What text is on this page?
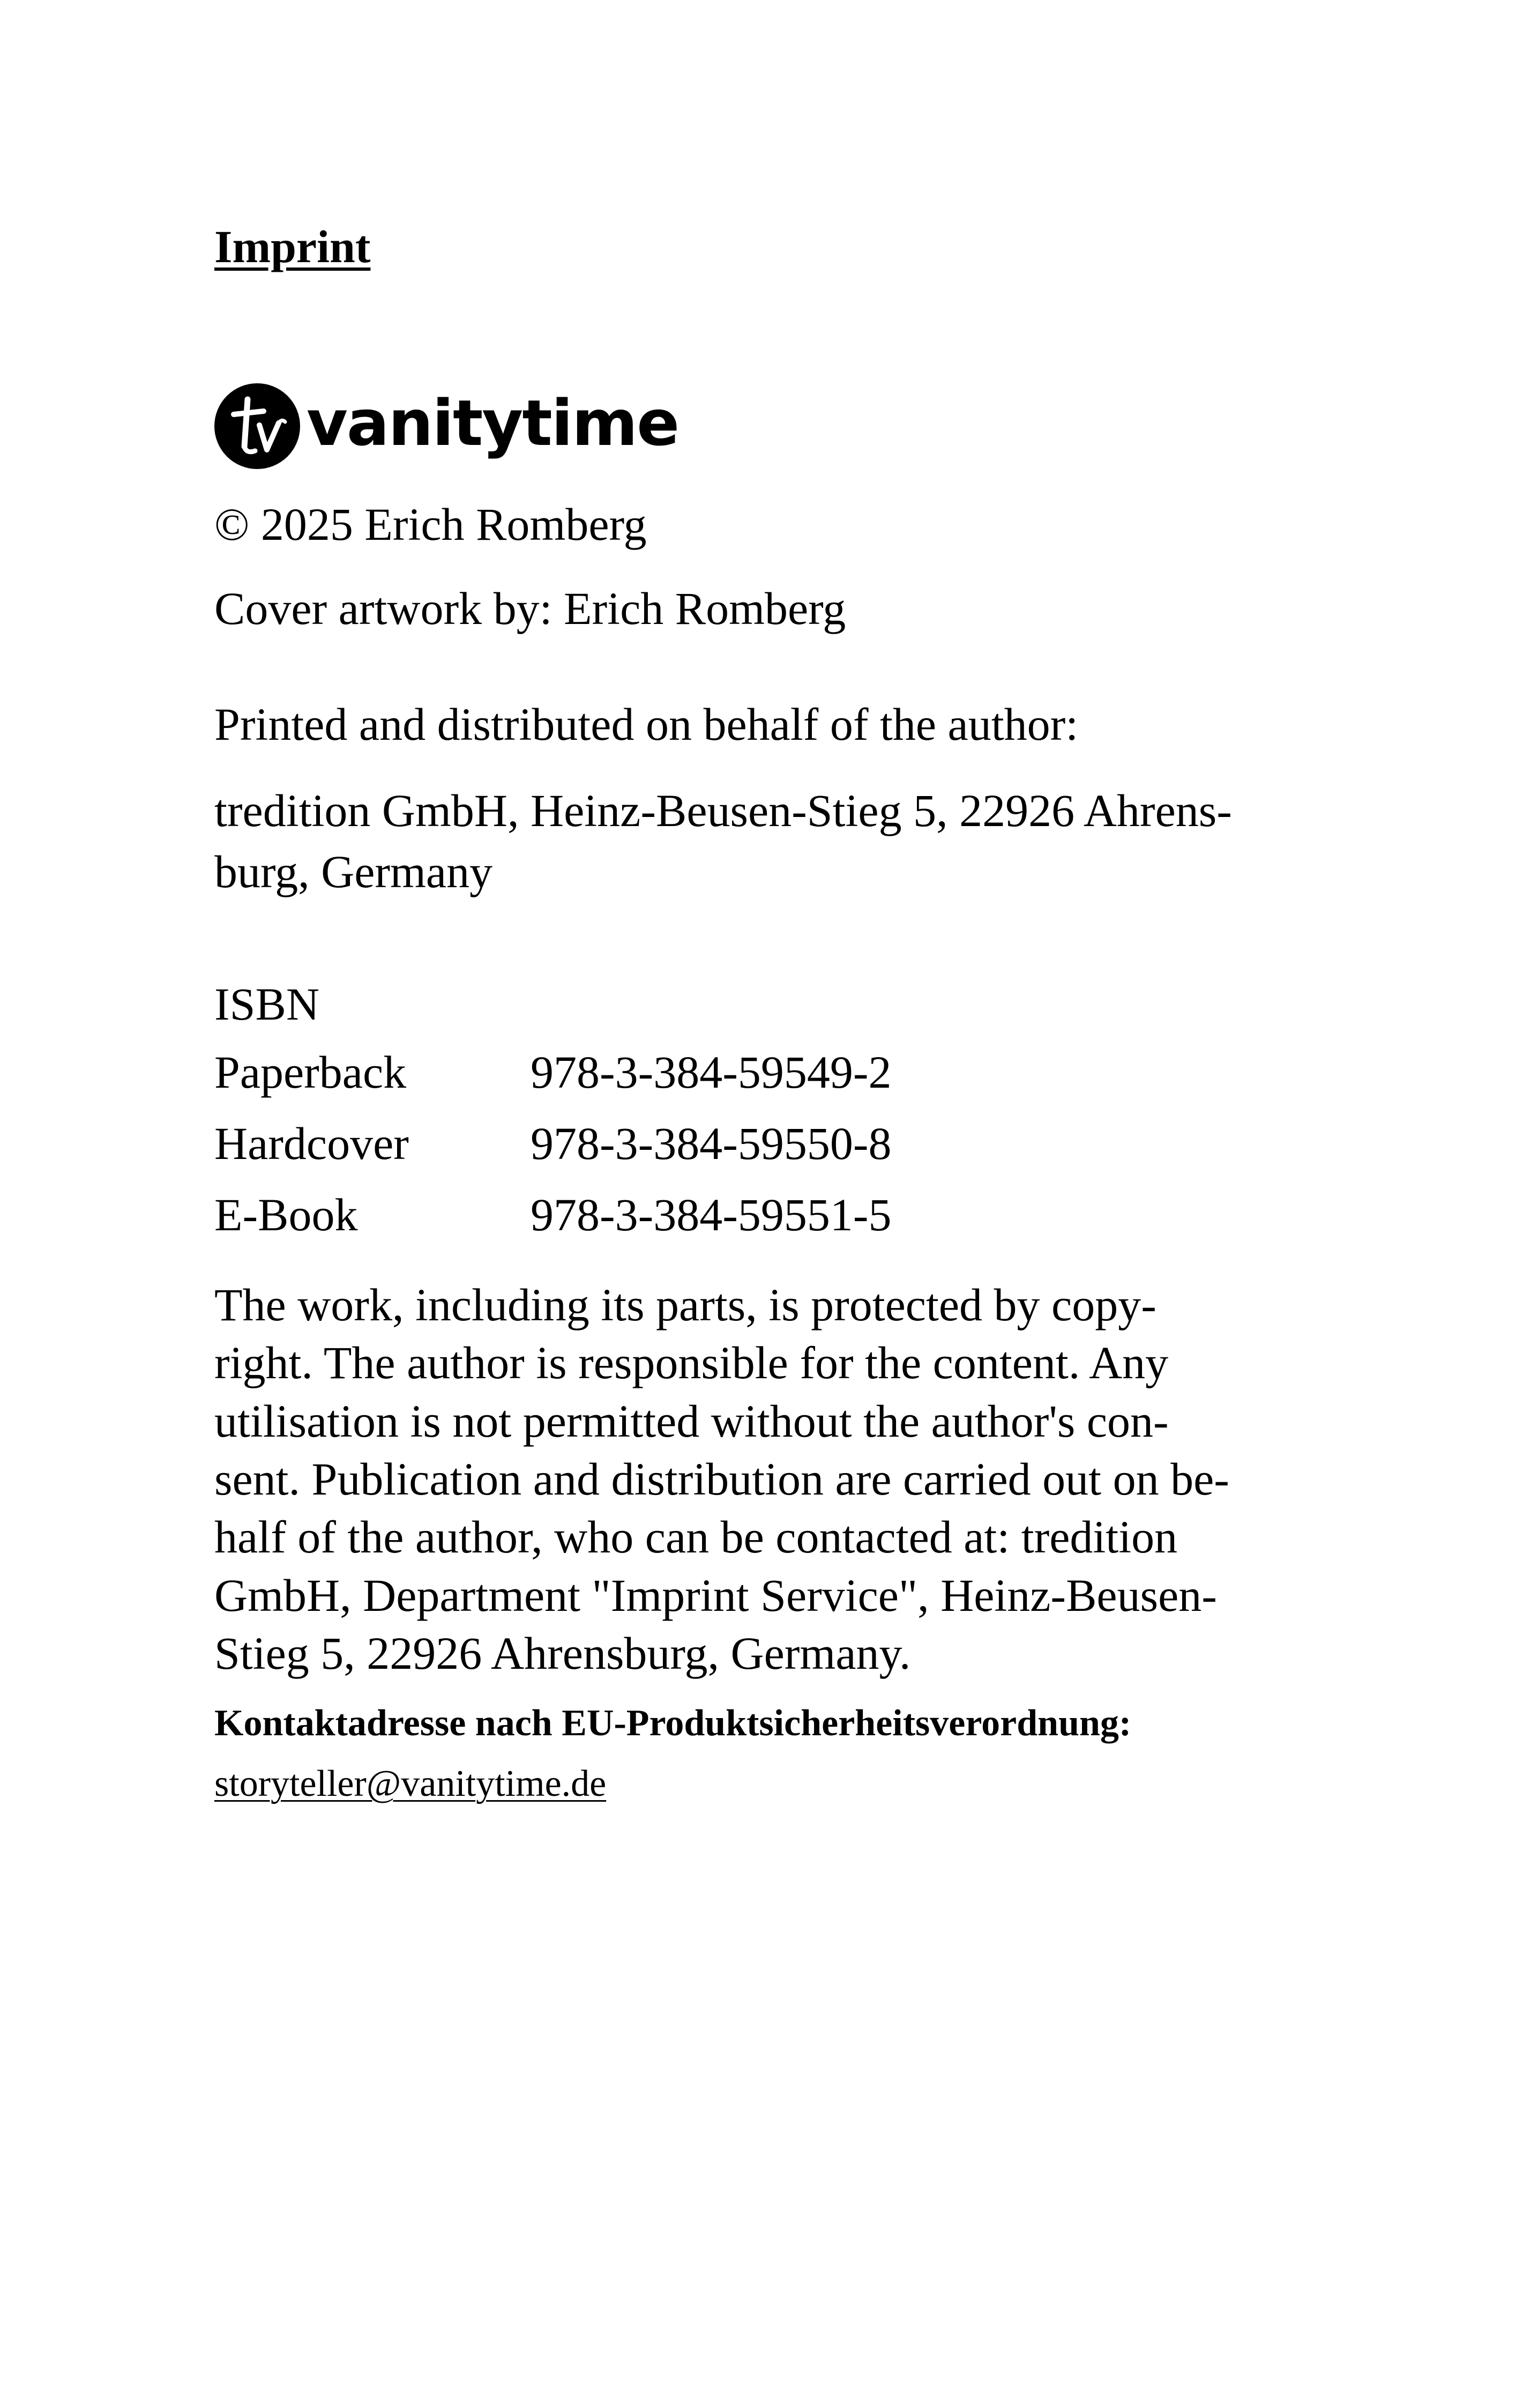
Imprint

vanitytime

© 2025 Erich Romberg

Cover artwork by: Erich Romberg

Printed and distributed on behalf of the author:

tredition GmbH, Heinz-Beusen-Stieg 5, 22926 Ahrens-
burg, Germany

ISBN

Paperback	978-3-384-59549-2
Hardcover	978-3-384-59550-8
E-Book	978-3-384-59551-5
The work, including its parts, is protected by copy-
right. The author is responsible for the content. Any
utilisation is not permitted without the author's con-
sent. Publication and distribution are carried out on be-
half of the author, who can be contacted at: tredition
GmbH, Department "Imprint Service", Heinz-Beusen-
Stieg 5, 22926 Ahrensburg, Germany.

Kontaktadresse nach EU-Produktsicherheitsverordnung:

storyteller@vanitytime.de
